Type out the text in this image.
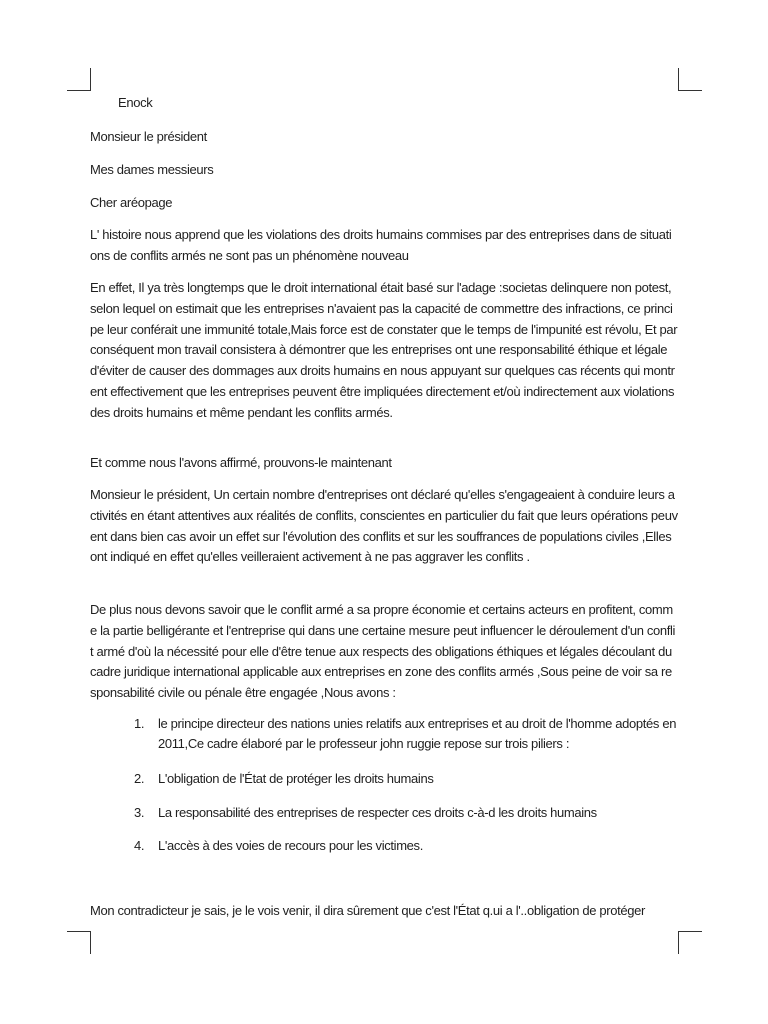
Enock
Monsieur le président
Mes dames messieurs
Cher aréopage

L' histoire nous apprend que les violations des droits humains commises par des entreprises dans de situations de conflits armés ne sont pas un phénomène nouveau

En effet, Il ya très longtemps que le droit international était basé sur l'adage :societas delinquere non potest, selon lequel on estimait que les entreprises n'avaient pas la capacité de commettre des infractions, ce principe leur conférait une immunité totale,Mais force est de constater que le temps de l'impunité est révolu, Et par conséquent mon travail consistera à démontrer que les entreprises ont une responsabilité éthique et légale d'éviter de causer des dommages aux droits humains en nous appuyant sur quelques cas récents qui montrent effectivement que les entreprises peuvent être impliquées directement et/où indirectement aux violations des droits humains et même pendant les conflits armés.

Et comme nous l'avons affirmé, prouvons-le maintenant

Monsieur le président, Un certain nombre d'entreprises ont déclaré qu'elles s'engageaient à conduire leurs activités en étant attentives aux réalités de conflits, conscientes en particulier du fait que leurs opérations peuvent dans bien cas avoir un effet sur l'évolution des conflits et sur les souffrances de populations civiles ,Elles ont indiqué en effet qu'elles veilleraient activement à ne pas aggraver les conflits .

De plus nous devons savoir que le conflit armé a sa propre économie et certains acteurs en profitent, comme la partie belligérante et l'entreprise qui dans une certaine mesure peut influencer le déroulement d'un conflit armé d'où la nécessité pour elle d'être tenue aux respects des obligations éthiques et légales découlant du cadre juridique international applicable aux entreprises en zone des conflits armés ,Sous peine de voir sa responsabilité civile ou pénale être engagée ,Nous avons :

1.	le principe directeur des nations unies relatifs aux entreprises et au droit de l'homme adoptés en 2011,Ce cadre élaboré par le professeur john ruggie repose sur trois piliers :
2.	L'obligation de l'État de protéger les droits humains
3.	La responsabilité des entreprises de respecter ces droits c-à-d les droits humains
4.	L'accès à des voies de recours pour les victimes.
Mon contradicteur je sais, je le vois venir, il dira sûrement que c'est l'État q.ui a l'..obligation de protéger
